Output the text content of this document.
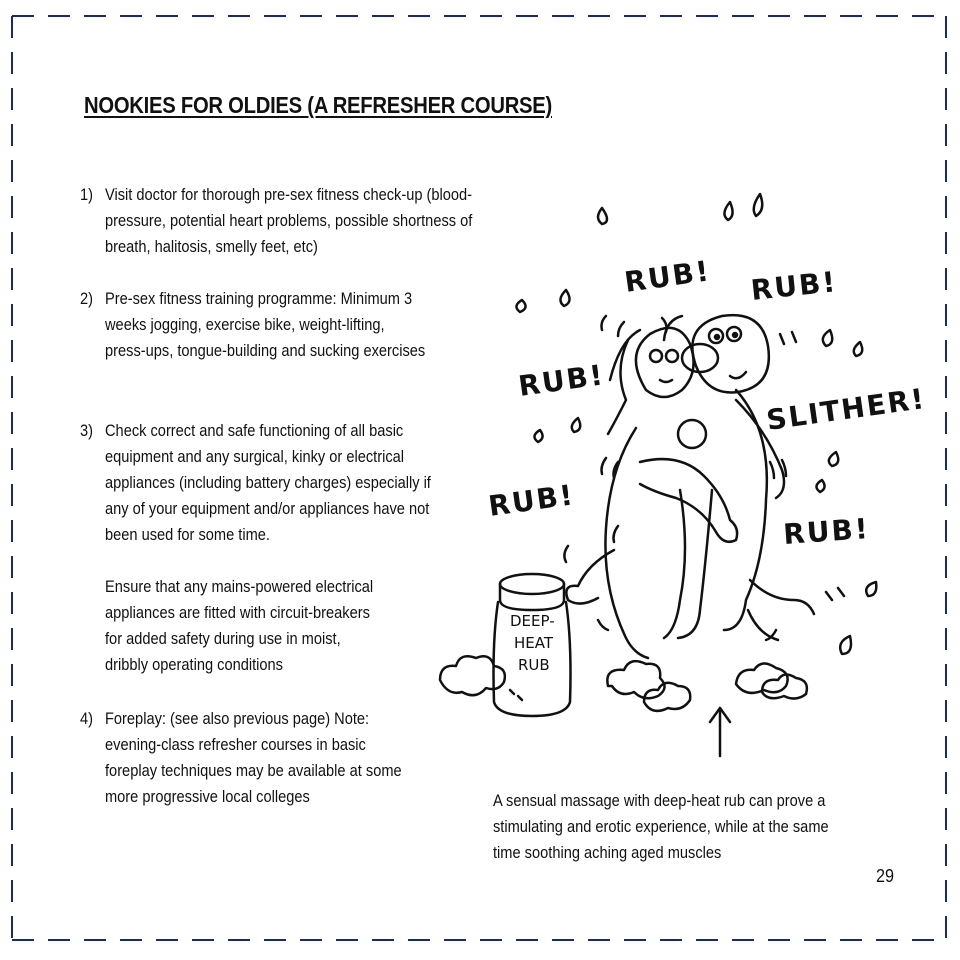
NOOKIES FOR OLDIES (A REFRESHER COURSE)
1) Visit doctor for thorough pre-sex fitness check-up (blood-pressure, potential heart problems, possible shortness of breath, halitosis, smelly feet, etc)

2) Pre-sex fitness training programme: Minimum 3 weeks jogging, exercise bike, weight-lifting, press-ups, tongue-building and sucking exercises

3) Check correct and safe functioning of all basic equipment and any surgical, kinky or electrical appliances (including battery charges) especially if any of your equipment and/or appliances have not been used for some time.

Ensure that any mains-powered electrical appliances are fitted with circuit-breakers for added safety during use in moist, dribbly operating conditions

4) Foreplay: (see also previous page) Note: evening-class refresher courses in basic foreplay techniques may be available at some more progressive local colleges

DEEP-
HEAT
RUB
RUB! RUB!
RUB!
RUB!
RUB!
SLITHER!

A sensual massage with deep-heat rub can prove a stimulating and erotic experience, while at the same time soothing aching aged muscles

29
